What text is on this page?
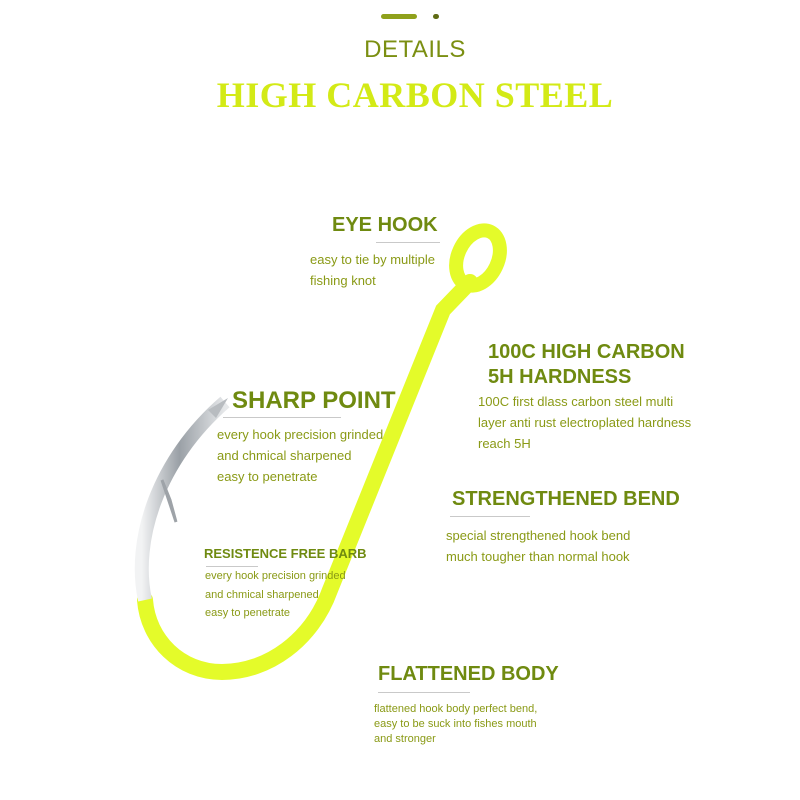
DETAILS
HIGH CARBON STEEL
EYE HOOK
easy to tie by multiple
fishing knot
100C HIGH CARBON
5H HARDNESS
100C first dlass carbon steel multi
layer anti rust electroplated hardness
reach 5H
SHARP POINT
every hook precision grinded
and chmical sharpened
easy to penetrate
STRENGTHENED BEND
special strengthened hook bend
much tougher than normal hook
RESISTENCE FREE BARB
every hook precision grinded
and chmical sharpened
easy to penetrate
FLATTENED BODY
flattened hook body perfect bend,
easy to be suck into fishes mouth
and stronger
